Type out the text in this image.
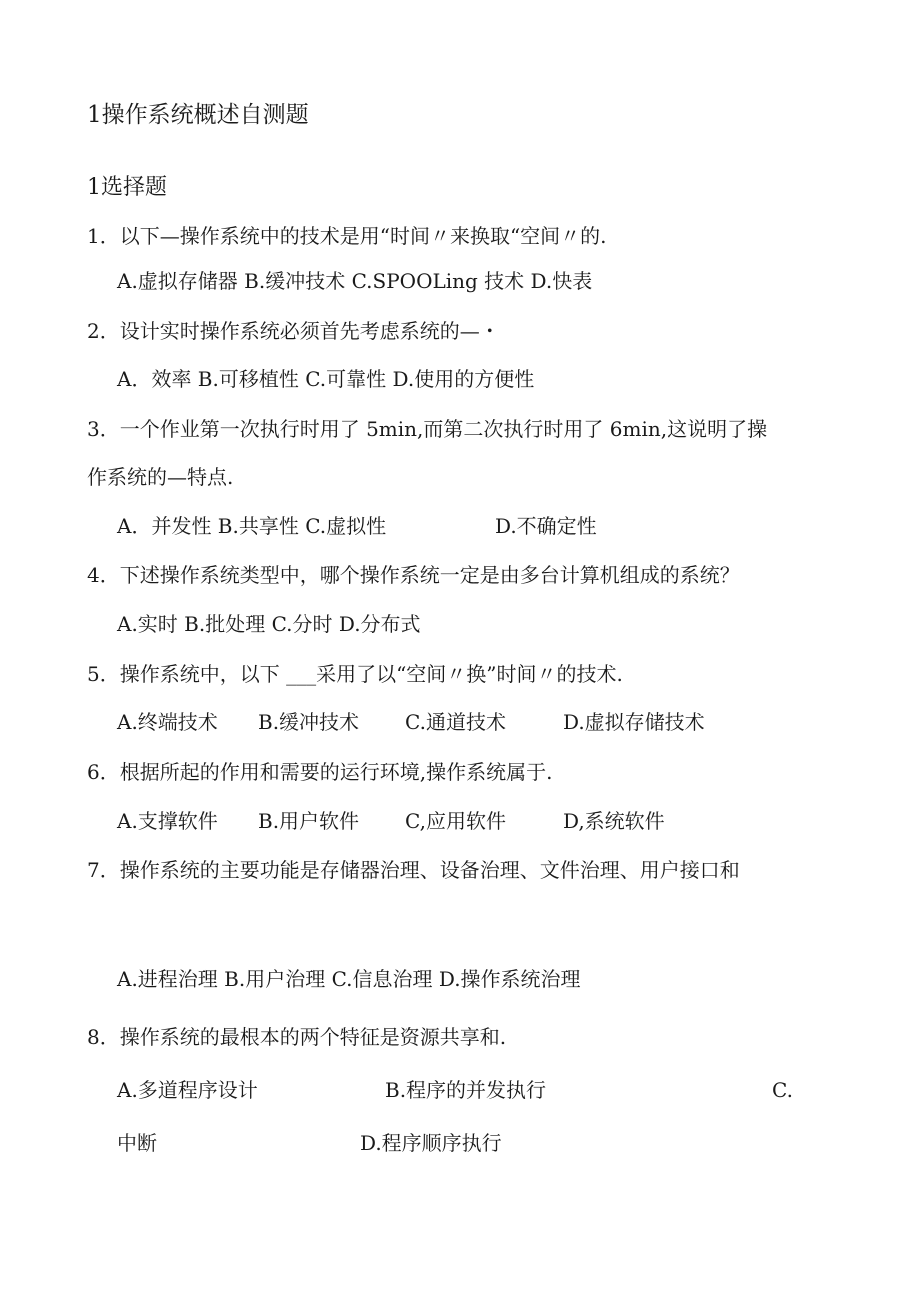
1操作系统概述自测题
1选择题
1．以下—操作系统中的技术是用“时间〃来换取“空间〃的.
A.虚拟存储器 B.缓冲技术 C.SPOOLing 技术 D.快表
2．设计实时操作系统必须首先考虑系统的—・
A．效率 B.可移植性 C.可靠性 D.使用的方便性
3．一个作业第一次执行时用了 5min,而第二次执行时用了 6min,这说明了操
作系统的—特点.
A．并发性 B.共享性 C.虚拟性	D.不确定性
4．下述操作系统类型中，哪个操作系统一定是由多台计算机组成的系统？
A.实时 B.批处理 C.分时 D.分布式
5．操作系统中，以下 ___采用了以“空间〃换”时间〃的技术.
A.终端技术 B.缓冲技术 C.通道技术	D.虚拟存储技术
6．根据所起的作用和需要的运行环境,操作系统属于.
A.支撑软件 B.用户软件 C,应用软件	D,系统软件
7．操作系统的主要功能是存储器治理、设备治理、文件治理、用户接口和
A.进程治理 B.用户治理 C.信息治理 D.操作系统治理
8．操作系统的最根本的两个特征是资源共享和.
A.多道程序设计	B.程序的并发执行	C.
中断	D.程序顺序执行
